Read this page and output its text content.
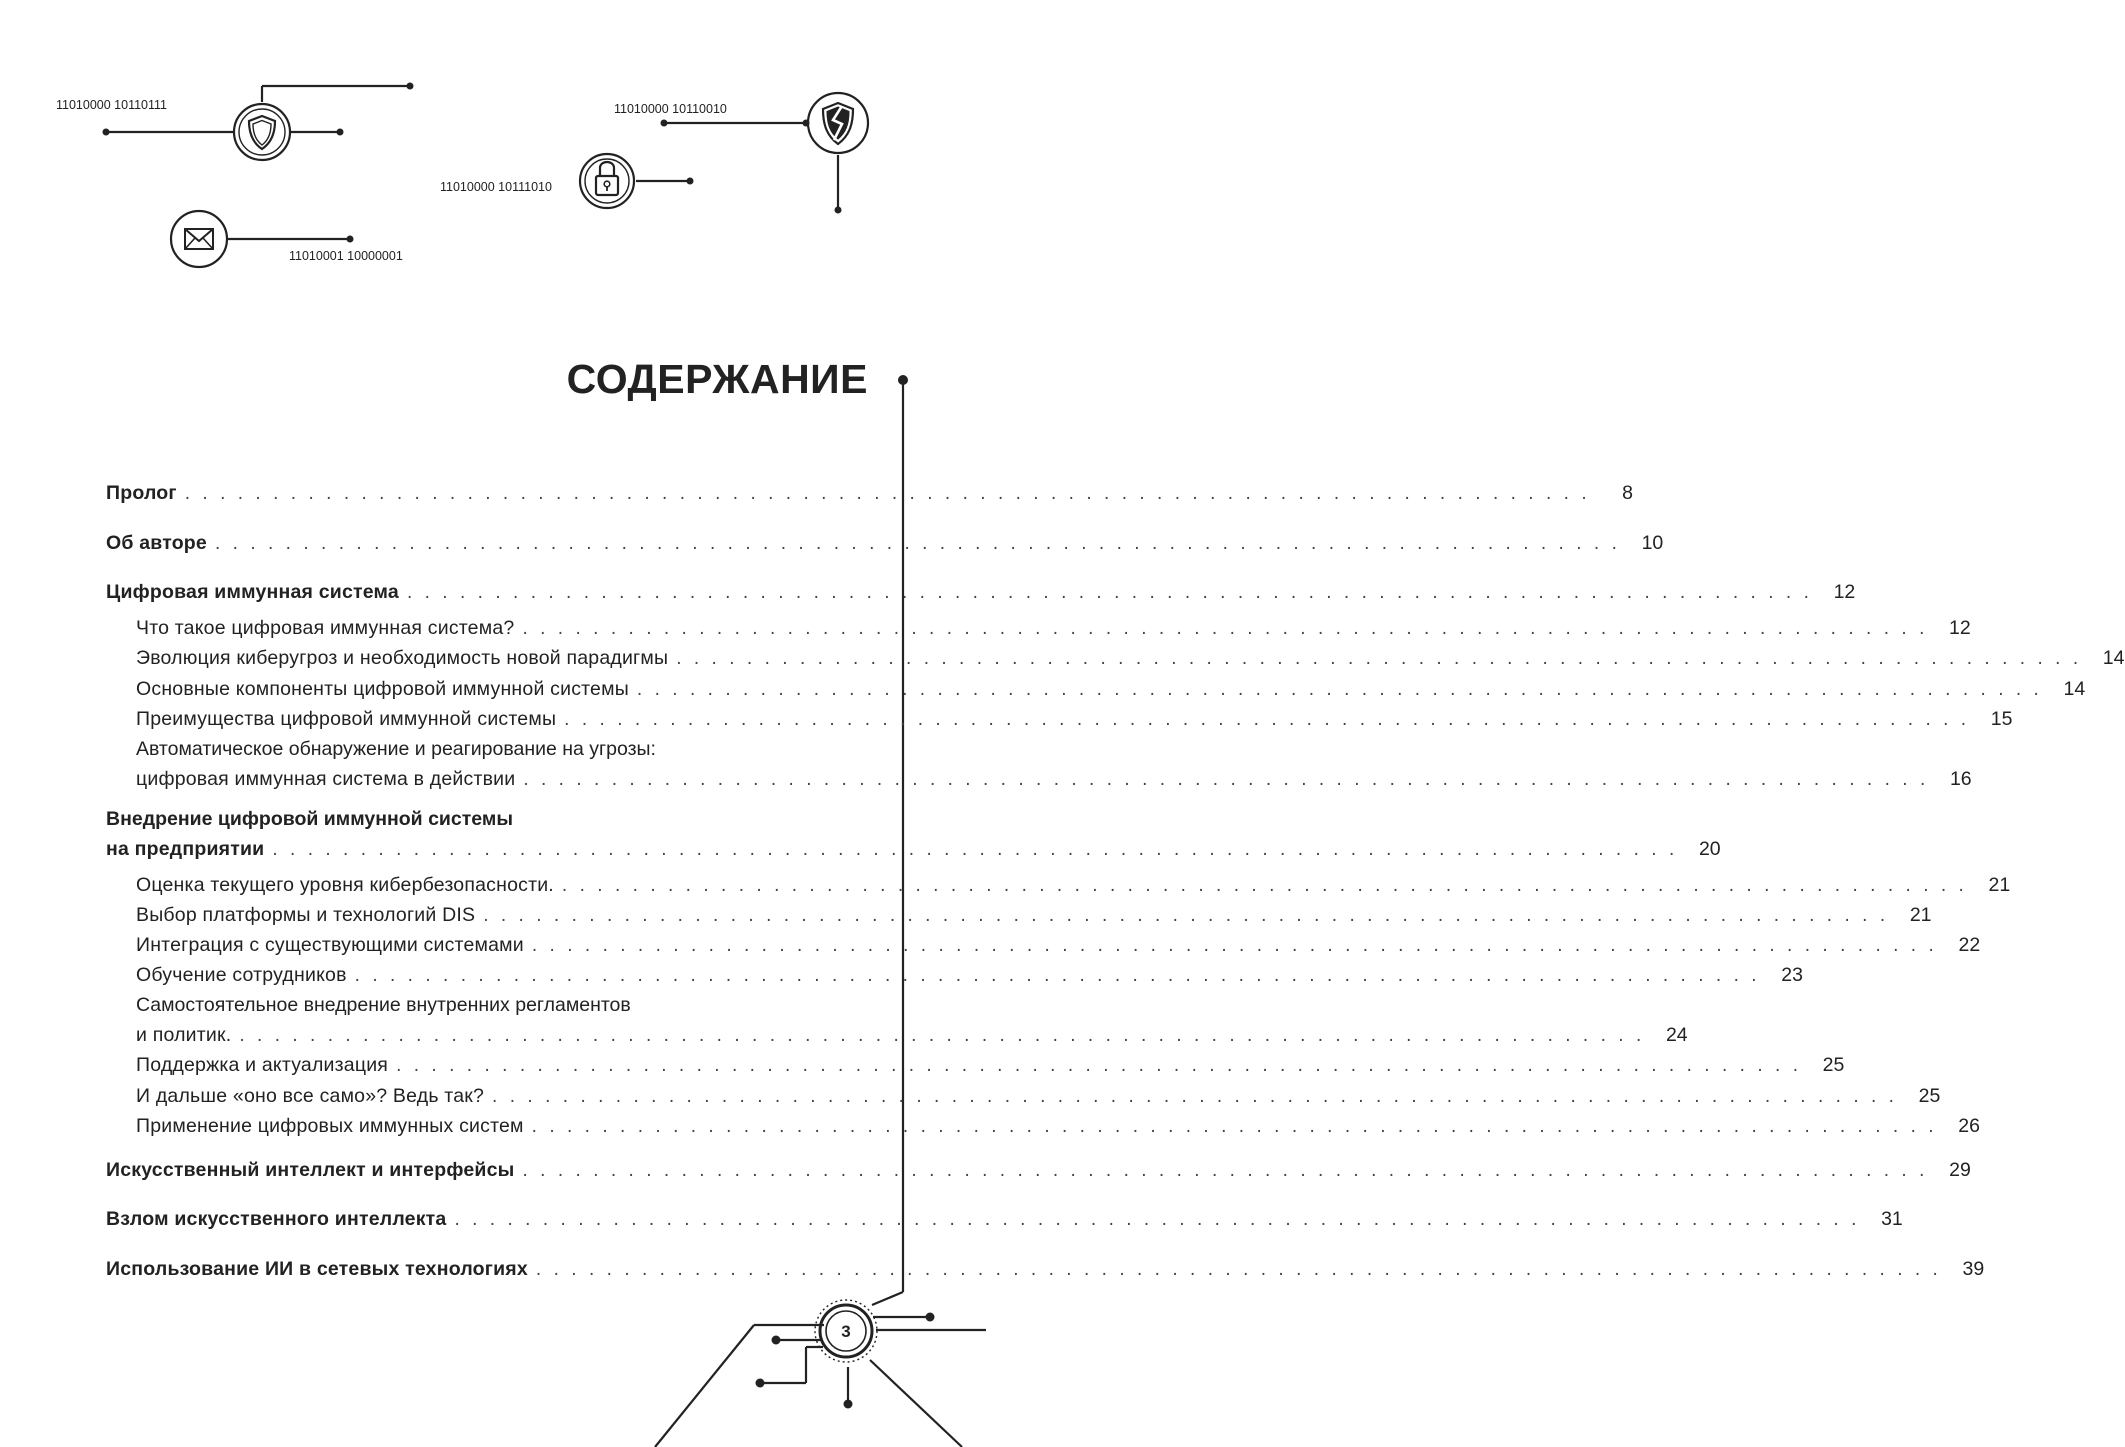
11010000 10110111	11010000 10110010
11010000 10111010
11010001 10000001
3
СОДЕРЖАНИЕ
Пролог ................................................................................	8
Об авторе ................................................................................ 10
Цифровая иммунная система ................................................................................ 12
Что такое цифровая иммунная система? ................................................................................ 12
Эволюция киберугроз и необходимость новой парадигмы ................................................................................ 14
Основные компоненты цифровой иммунной системы ................................................................................ 14
Преимущества цифровой иммунной системы ................................................................................ 15
Автоматическое обнаружение и реагирование на угрозы:
цифровая иммунная система в действии ................................................................................ 16
Внедрение цифровой иммунной системы
на предприятии ................................................................................ 20
Оценка текущего уровня кибербезопасности. ................................................................................ 21
Выбор платформы и технологий DIS ................................................................................ 21
Интеграция с существующими системами ................................................................................ 22
Обучение сотрудников ................................................................................ 23
Самостоятельное внедрение внутренних регламентов
и политик. ................................................................................ 24
Поддержка и актуализация ................................................................................ 25
И дальше «оно все само»? Ведь так? ................................................................................ 25
Применение цифровых иммунных систем ................................................................................ 26
Искусственный интеллект и интерфейсы ................................................................................ 29
Взлом искусственного интеллекта ................................................................................ 31
Использование ИИ в сетевых технологиях ................................................................................ 39
